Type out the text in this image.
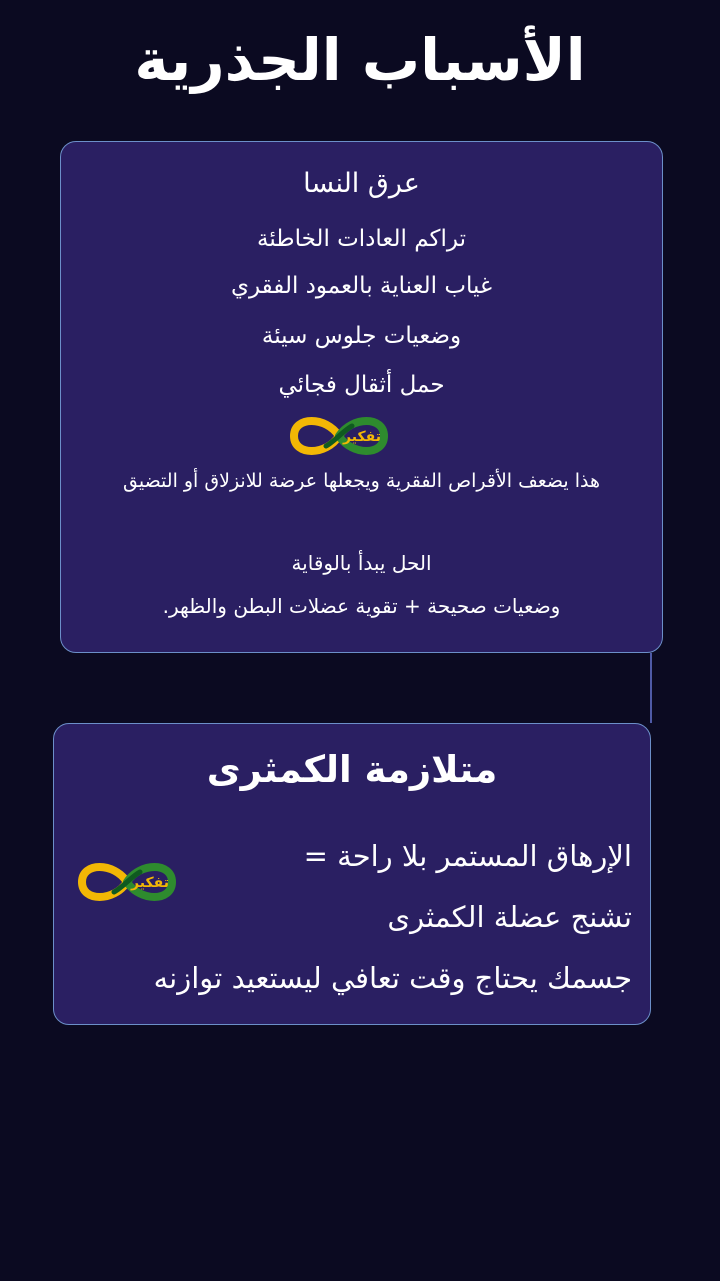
الأسباب الجذرية
عرق النسا
تراكم العادات الخاطئة
غياب العناية بالعمود الفقري
وضعيات جلوس سيئة
حمل أثقال فجائي
تفكير
هذا يضعف الأقراص الفقرية ويجعلها عرضة للانزلاق أو التضيق
الحل يبدأ بالوقاية
وضعيات صحيحة + تقوية عضلات البطن والظهر.
متلازمة الكمثرى
الإرهاق المستمر بلا راحة =
تشنج عضلة الكمثرى
جسمك يحتاج وقت تعافي ليستعيد توازنه
تفكير
